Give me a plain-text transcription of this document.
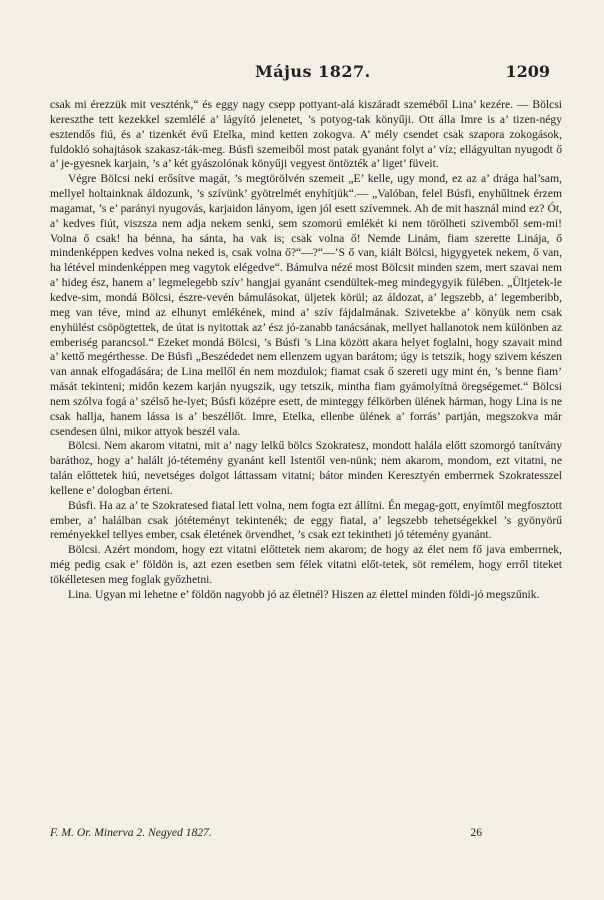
Május 1827.	1209

csak mi érezzük mit veszténk,“ és eggy nagy csepp pottyant-alá kiszáradt szeméből Lina’ kezére. — Bölcsi kereszthe tett kezekkel szemlélé a’ lágyító jelenetet, ’s potyog-tak könyűji. Ott álla Imre is a’ tizen-négy esztendős fiú, és a’ tizenkét évű Etelka, mind ketten zokogva. A’ mély csendet csak szapora zokogások, fuldokló sohajtások szakasz-ták-meg. Búsfi szemeiből most patak gyanánt folyt a’ víz; ellágyultan nyugodt ő a’ je-gyesnek karjain, ’s a’ két gyászolónak könyűji vegyest öntözték a’ liget’ füveit.

Végre Bölcsi neki erősítve magát, ’s megtörölvén szemeit „E’ kelle, ugy mond, ez az a’ drága hal’sam, mellyel holtainknak áldozunk, ’s szívünk’ gyötrelmét enyhítjük“.— „Valóban, felel Búsfi, enyhűltnek érzem magamat, ’s e’ parányi nyugovás, karjaidon lányom, igen jól esett szívemnek. Ah de mit használ mind ez? Ót, a’ kedves fiút, viszsza nem adja nekem senki, sem szomorú emlékét ki nem törölheti szivemből sem-mi! Volna ő csak! ha bénna, ha sánta, ha vak is; csak volna ő! Nemde Linám, fiam szerette Linája, ő mindenképpen kedves volna neked is, csak volna ő?“—?“—’S ő van, kiált Bölcsi, higygyetek nekem, ő van, ha létével mindenképpen meg vagytok elégedve“. Bámulva nézé most Bölcsit minden szem, mert szavai nem a’ hideg ész, hanem a’ legmelegebb szív’ hangjai gyanánt csendültek-meg mindegygyik fülében. „Ültjetek-le kedve-sim, mondá Bölcsi, észre-vevén bámulásokat, üljetek körül; az áldozat, a’ legszebb, a’ legemberibb, meg van téve, mind az elhunyt emlékének, mind a’ szív fájdalmának. Szivetekbe a’ könyük nem csak enyhülést csöpögtettek, de útat is nyitottak az’ ész jó-zanabb tanácsának, mellyet hallanotok nem különben az emberiség parancsol.“ Ezeket mondá Bölcsi, ’s Búsfi ’s Lina között akara helyet foglalni, hogy szavait mind a’ kettő megérthesse. De Búsfi „Beszédedet nem ellenzem ugyan barátom; úgy is tetszik, hogy szivem készen van annak elfogadására; de Lina mellől én nem mozdulok; fiamat csak ő szereti ugy mint én, ’s benne fiam’ mását tekinteni; midőn kezem karján nyugszik, ugy tetszik, mintha fiam gyámolyítná öregségemet.“ Bölcsi nem szólva fogá a’ szélső he-lyet; Búsfi középre esett, de minteggy félkörben ülének hárman, hogy Lina is ne csak hallja, hanem lássa is a’ beszéllőt. Imre, Etelka, ellenbe ülének a’ forrás’ partján, megszokva már csendesen ülni, mikor attyok beszél vala.

Bölcsi. Nem akarom vitatni, mit a’ nagy lelkű bölcs Szokratesz, mondott halála előtt szomorgó tanítvány baráthoz, hogy a’ halált jó-tétemény gyanánt kell Istentől ven-nünk; nem akarom, mondom, ezt vitatni, ne talán előttetek hiú, nevetséges dolgot láttassam vitatni; bátor minden Keresztyén emberrnek Szokratesszel kellene e’ dologban érteni.

Búsfi. Ha az a’ te Szokratesed fiatal lett volna, nem fogta ezt állítni. Én megag-gott, enyímtől megfosztott ember, a’ halálban csak jótéteményt tekintenék; de eggy fiatal, a’ legszebb tehetségekkel ’s gyönyörű reményekkel tellyes ember, csak életének örvendhet, ’s csak ezt tekintheti jó tétemény gyanánt.

Bölcsi. Azért mondom, hogy ezt vitatni előttetek nem akarom; de hogy az élet nem fő java emberrnek, még pedig csak e’ földön is, azt ezen esetben sem félek vitatni előt-tetek, söt remélem, hogy erről titeket tökélletesen meg foglak győzhetni.

Lina. Ugyan mi lehetne e’ földön nagyobb jó az életnél? Hiszen az élettel minden földi-jó megszűnik.

F. M. Or. Minerva 2. Negyed 1827.	26
